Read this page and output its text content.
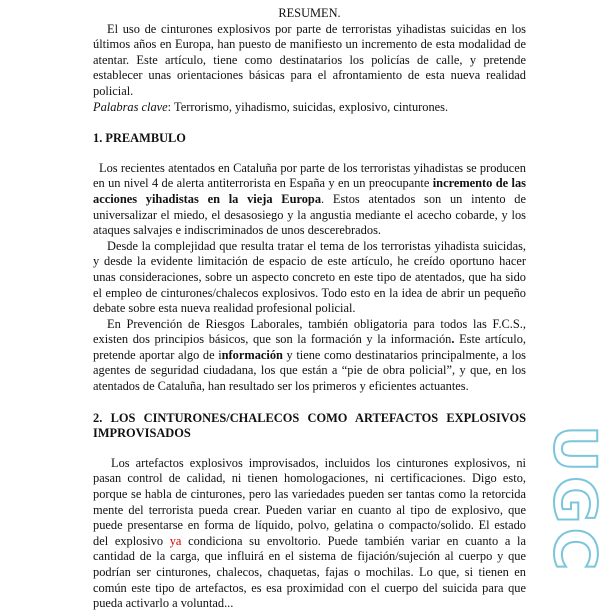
RESUMEN.

El uso de cinturones explosivos por parte de terroristas yihadistas suicidas en los últimos años en Europa, han puesto de manifiesto un incremento de esta modalidad de atentar. Este artículo, tiene como destinatarios los policías de calle, y pretende establecer unas orientaciones básicas para el afrontamiento de esta nueva realidad policial.

Palabras clave: Terrorismo, yihadismo, suicidas, explosivo, cinturones.

1. PREAMBULO

Los recientes atentados en Cataluña por parte de los terroristas yihadistas se producen en un nivel 4 de alerta antiterrorista en España y en un preocupante incremento de las acciones yihadistas en la vieja Europa. Estos atentados son un intento de universalizar el miedo, el desasosiego y la angustia mediante el acecho cobarde, y los ataques salvajes e indiscriminados de unos descerebrados.

Desde la complejidad que resulta tratar el tema de los terroristas yihadista suicidas, y desde la evidente limitación de espacio de este artículo, he creído oportuno hacer unas consideraciones, sobre un aspecto concreto en este tipo de atentados, que ha sido el empleo de cinturones/chalecos explosivos. Todo esto en la idea de abrir un pequeño debate sobre esta nueva realidad profesional policial.

En Prevención de Riesgos Laborales, también obligatoria para todos las F.C.S., existen dos principios básicos, que son la formación y la información. Este artículo, pretende aportar algo de información y tiene como destinatarios principalmente, a los agentes de seguridad ciudadana, los que están a “pie de obra policial”, y que, en los atentados de Cataluña, han resultado ser los primeros y eficientes actuantes.

2. LOS CINTURONES/CHALECOS COMO ARTEFACTOS EXPLOSIVOS IMPROVISADOS

Los artefactos explosivos improvisados, incluidos los cinturones explosivos, ni pasan control de calidad, ni tienen homologaciones, ni certificaciones. Digo esto, porque se habla de cinturones, pero las variedades pueden ser tantas como la retorcida mente del terrorista pueda crear. Pueden variar en cuanto al tipo de explosivo, que puede presentarse en forma de líquido, polvo, gelatina o compacto/solido. El estado del explosivo ya condiciona su envoltorio. Puede también variar en cuanto a la cantidad de la carga, que influirá en el sistema de fijación/sujeción al cuerpo y que podrían ser cinturones, chalecos, chaquetas, fajas o mochilas. Lo que, si tienen en común este tipo de artefactos, es esa proximidad con el cuerpo del suicida para que pueda activarlo a voluntad...

UGC
